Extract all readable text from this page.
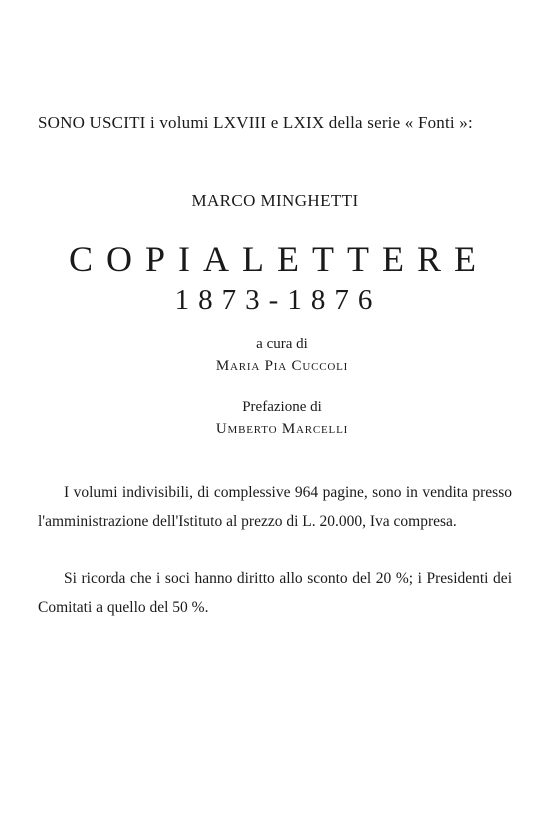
SONO USCITI i volumi LXVIII e LXIX della serie « Fonti »:
MARCO MINGHETTI
COPIALETTERE
1873-1876
a cura di
Maria Pia Cuccoli
Prefazione di
Umberto Marcelli

I volumi indivisibili, di complessive 964 pagine, sono in vendita presso l'amministrazione dell'Istituto al prezzo di L. 20.000, Iva compresa.

Si ricorda che i soci hanno diritto allo sconto del 20 %; i Presidenti dei Comitati a quello del 50 %.
